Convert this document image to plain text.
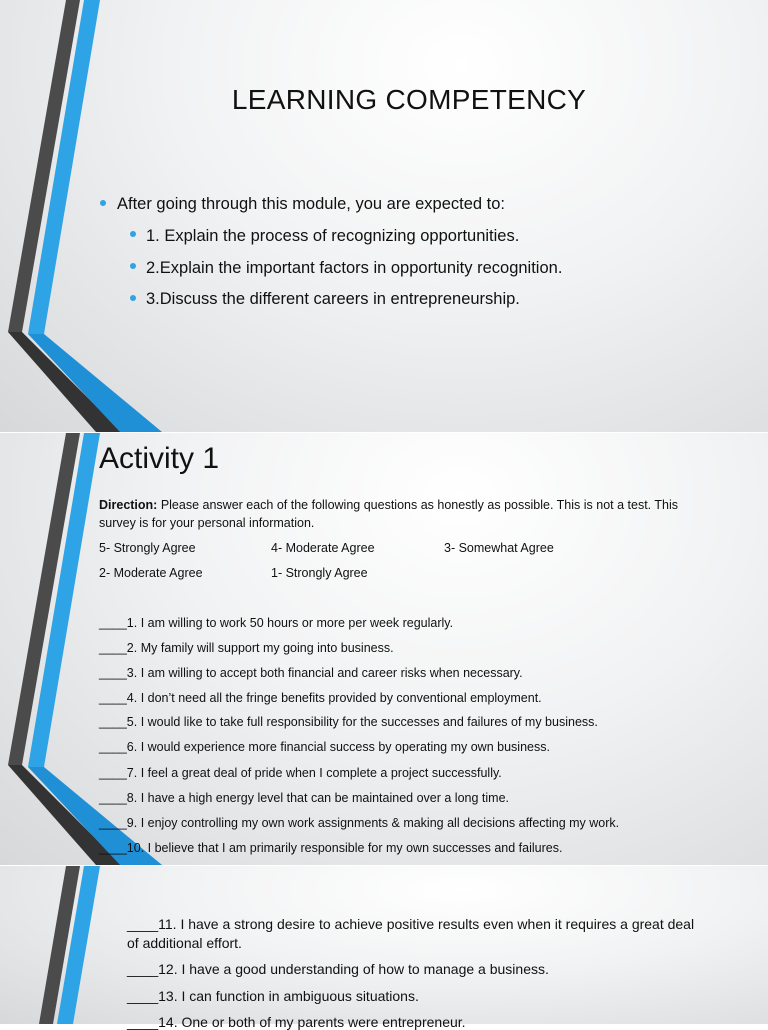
LEARNING COMPETENCY
After going through this module, you are expected to:
1. Explain the process of recognizing opportunities.
2.Explain the important factors in opportunity recognition.
3.Discuss the different careers in entrepreneurship.
Activity 1
Direction: Please answer each of the following questions as honestly as possible. This is not a test. This
survey is for your personal information.
5- Strongly Agree	4- Moderate Agree	3- Somewhat Agree
2- Moderate Agree	1- Strongly Agree
____1. I am willing to work 50 hours or more per week regularly.
____2. My family will support my going into business.
____3. I am willing to accept both financial and career risks when necessary.
____4. I don’t need all the fringe benefits provided by conventional employment.
____5. I would like to take full responsibility for the successes and failures of my business.
____6. I would experience more financial success by operating my own business.
____7. I feel a great deal of pride when I complete a project successfully.
____8. I have a high energy level that can be maintained over a long time.
____9. I enjoy controlling my own work assignments & making all decisions affecting my work.
____10. I believe that I am primarily responsible for my own successes and failures.
____11. I have a strong desire to achieve positive results even when it requires a great deal
of additional effort.
____12. I have a good understanding of how to manage a business.
____13. I can function in ambiguous situations.
____14. One or both of my parents were entrepreneur.
